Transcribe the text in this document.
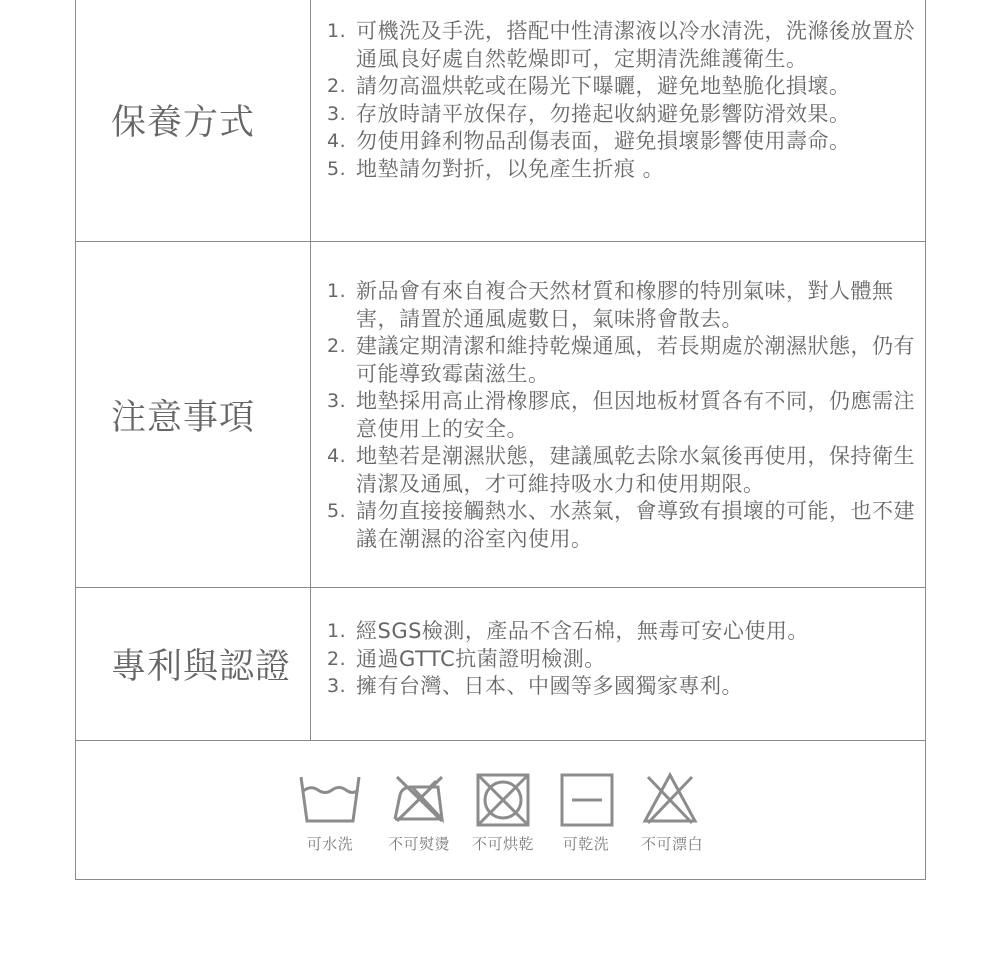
保養方式
1. 可機洗及手洗，搭配中性清潔液以冷水清洗，洗滌後放置於通風良好處自然乾燥即可，定期清洗維護衛生。
2. 請勿高溫烘乾或在陽光下曝曬，避免地墊脆化損壞。
3. 存放時請平放保存，勿捲起收納避免影響防滑效果。
4. 勿使用鋒利物品刮傷表面，避免損壞影響使用壽命。
5. 地墊請勿對折，以免產生折痕 。
注意事項
1. 新品會有來自複合天然材質和橡膠的特別氣味，對人體無害，請置於通風處數日，氣味將會散去。
2. 建議定期清潔和維持乾燥通風，若長期處於潮濕狀態，仍有可能導致霉菌滋生。
3. 地墊採用高止滑橡膠底，但因地板材質各有不同，仍應需注意使用上的安全。
4. 地墊若是潮濕狀態，建議風乾去除水氣後再使用，保持衛生清潔及通風，才可維持吸水力和使用期限。
5. 請勿直接接觸熱水、水蒸氣，會導致有損壞的可能，也不建議在潮濕的浴室內使用。
專利與認證
1. 經SGS檢測，產品不含石棉，無毒可安心使用。
2. 通過GTTC抗菌證明檢測。
3. 擁有台灣、日本、中國等多國獨家專利。
可水洗	不可熨燙	不可烘乾	可乾洗	不可漂白
